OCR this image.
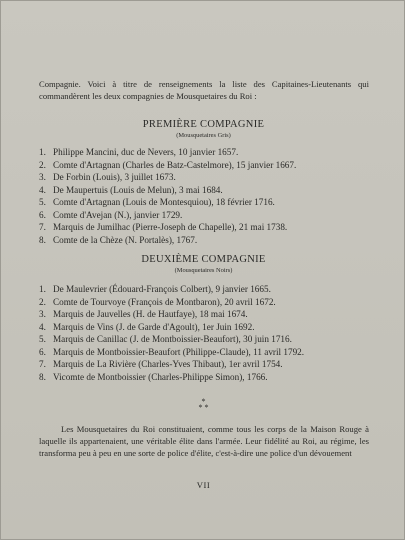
Compagnie. Voici à titre de renseignements la liste des Capitaines-Lieutenants qui commandèrent les deux compagnies de Mousquetaires du Roi :

PREMIÈRE COMPAGNIE
(Mousquetaires Gris)
1. Philippe Mancini, duc de Nevers, 10 janvier 1657.
2. Comte d'Artagnan (Charles de Batz-Castelmore), 15 janvier 1667.
3. De Forbin (Louis), 3 juillet 1673.
4. De Maupertuis (Louis de Melun), 3 mai 1684.
5. Comte d'Artagnan (Louis de Montesquiou), 18 février 1716.
6. Comte d'Avejan (N.), janvier 1729.
7. Marquis de Jumilhac (Pierre-Joseph de Chapelle), 21 mai 1738.
8. Comte de la Chèze (N. Portalès), 1767.
DEUXIÈME COMPAGNIE
(Mousquetaires Noirs)
1. De Maulevrier (Édouard-François Colbert), 9 janvier 1665.
2. Comte de Tourvoye (François de Montbaron), 20 avril 1672.
3. Marquis de Jauvelles (H. de Hautfaye), 18 mai 1674.
4. Marquis de Vins (J. de Garde d'Agoult), 1er Juin 1692.
5. Marquis de Canillac (J. de Montboissier-Beaufort), 30 juin 1716.
6. Marquis de Montboissier-Beaufort (Philippe-Claude), 11 avril 1792.
7. Marquis de La Rivière (Charles-Yves Thibaut), 1er avril 1754.
8. Vicomte de Montboissier (Charles-Philippe Simon), 1766.
*
* *

Les Mousquetaires du Roi constituaient, comme tous les corps de la Maison Rouge à laquelle ils appartenaient, une véritable élite dans l'armée. Leur fidélité au Roi, au régime, les transforma peu à peu en une sorte de police d'élite, c'est-à-dire une police d'un dévouement

VII
